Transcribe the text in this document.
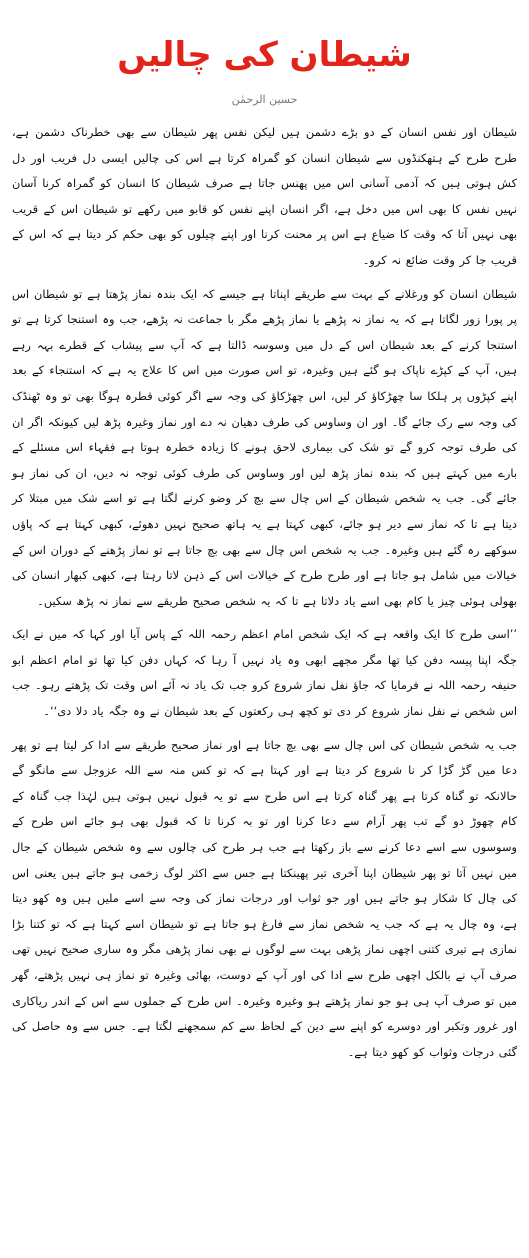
شیطان کی چالیں
حسین الرحمٰن

شیطان اور نفس انسان کے دو بڑے دشمن ہیں لیکن نفس پھر شیطان سے بھی خطرناک دشمن ہے، طرح طرح کے ہتھکنڈوں سے شیطان انسان کو گمراہ کرتا ہے اس کی چالیں ایسی دل فریب اور دل کش ہوتی ہیں کہ آدمی آسانی اس میں پھنس جاتا ہے صرف شیطان کا انسان کو گمراہ کرنا آسان نہیں نفس کا بھی اس میں دخل ہے، اگر انسان اپنے نفس کو قابو میں رکھے تو شیطان اس کے قریب بھی نہیں آتا کہ وقت کا ضیاع ہے اس پر محنت کرنا اور اپنے چیلوں کو بھی حکم کر دیتا ہے کہ اس کے قریب جا کر وقت ضائع نہ کرو۔

شیطان انسان کو ورغلانے کے بہت سے طریقے اپناتا ہے جیسے کہ ایک بندہ نماز پڑھتا ہے تو شیطان اس پر پورا زور لگاتا ہے کہ یہ نماز نہ پڑھے یا نماز پڑھے مگر با جماعت نہ پڑھے، جب وہ استنجا کرتا ہے تو استنجا کرنے کے بعد شیطان اس کے دل میں وسوسہ ڈالتا ہے کہ آپ سے پیشاب کے قطرے بہہ رہے ہیں، آپ کے کپڑے ناپاک ہو گئے ہیں وغیرہ، تو اس صورت میں اس کا علاج یہ ہے کہ استنجاء کے بعد اپنے کپڑوں پر ہلکا سا چھڑکاؤ کر لیں، اس چھڑکاؤ کی وجہ سے اگر کوئی قطرہ ہوگا بھی تو وہ ٹھنڈک کی وجہ سے رک جائے گا۔ اور ان وساوس کی طرف دھیان نہ دے اور نماز وغیرہ پڑھ لیں کیونکہ اگر ان کی طرف توجہ کرو گے تو شک کی بیماری لاحق ہونے کا زیادہ خطرہ ہوتا ہے فقہاء اس مسئلے کے بارے میں کہتے ہیں کہ بندہ نماز پڑھ لیں اور وساوس کی طرف کوئی توجہ نہ دیں، ان کی نماز ہو جائے گی۔ جب یہ شخص شیطان کے اس چال سے بچ کر وضو کرنے لگتا ہے تو اسے شک میں مبتلا کر دیتا ہے تا کہ نماز سے دیر ہو جائے، کبھی کہتا ہے یہ ہاتھ صحیح نہیں دھوئے، کبھی کہتا ہے کہ پاؤں سوکھے رہ گئے ہیں وغیرہ۔ جب یہ شخص اس چال سے بھی بچ جاتا ہے تو نماز پڑھنے کے دوران اس کے خیالات میں شامل ہو جاتا ہے اور طرح طرح کے خیالات اس کے ذہن لاتا رہتا ہے، کبھی کبھار انسان کی بھولی ہوئی چیز یا کام بھی اسے یاد دلاتا ہے تا کہ یہ شخص صحیح طریقے سے نماز نہ پڑھ سکیں۔

’’اسی طرح کا ایک واقعہ ہے کہ ایک شخص امام اعظم رحمہ اللہ کے پاس آیا اور کہا کہ میں نے ایک جگہ اپنا پیسہ دفن کیا تھا مگر مجھے ابھی وہ یاد نہیں آ رہا کہ کہاں دفن کیا تھا تو امام اعظم ابو حنیفہ رحمہ اللہ نے فرمایا کہ جاؤ نفل نماز شروع کرو جب تک یاد نہ آئے اس وقت تک پڑھتے رہو۔ جب اس شخص نے نفل نماز شروع کر دی تو کچھ ہی رکعتوں کے بعد شیطان نے وہ جگہ یاد دلا دی‘‘۔

جب یہ شخص شیطان کی اس چال سے بھی بچ جاتا ہے اور نماز صحیح طریقے سے ادا کر لیتا ہے تو پھر دعا میں گڑ گڑا کر نا شروع کر دیتا ہے اور کہتا ہے کہ تو کس منہ سے اللہ عزوجل سے مانگو گے حالانکہ تو گناہ کرتا ہے پھر گناہ کرتا ہے اس طرح سے تو یہ قبول نہیں ہوتی ہیں لہٰذا جب گناہ کے کام چھوڑ دو گے تب پھر آرام سے دعا کرنا اور تو بہ کرنا تا کہ قبول بھی ہو جائے اس طرح کے وسوسوں سے اسے دعا کرنے سے باز رکھتا ہے جب ہر طرح کی چالوں سے وہ شخص شیطان کے جال میں نہیں آتا تو پھر شیطان اپنا آخری تیر پھینکتا ہے جس سے اکثر لوگ زخمی ہو جاتے ہیں یعنی اس کی چال کا شکار ہو جاتے ہیں اور جو ثواب اور درجات نماز کی وجہ سے اسے ملیں ہیں وہ کھو دیتا ہے، وہ چال یہ ہے کہ جب یہ شخص نماز سے فارغ ہو جاتا ہے تو شیطان اسے کہتا ہے کہ تو کتنا بڑا نمازی ہے تیری کتنی اچھی نماز پڑھی بہت سے لوگوں نے بھی نماز پڑھی مگر وہ ساری صحیح نہیں تھی صرف آپ نے بالکل اچھی طرح سے ادا کی اور آپ کے دوست، بھائی وغیرہ تو نماز ہی نہیں پڑھتے، گھر میں تو صرف آپ ہی ہو جو نماز پڑھتے ہو وغیرہ وغیرہ۔ اس طرح کے جملوں سے اس کے اندر ریاکاری اور غرور وتکبر اور دوسرے کو اپنے سے دین کے لحاظ سے کم سمجھنے لگتا ہے۔ جس سے وہ حاصل کی گئی درجات وثواب کو کھو دیتا ہے۔
